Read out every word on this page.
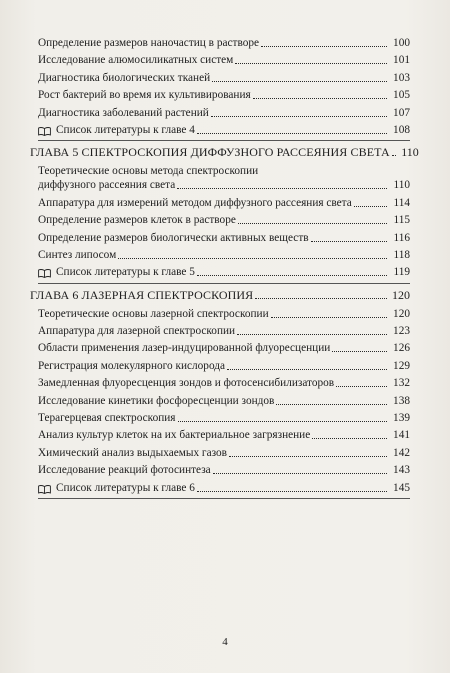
Определение размеров наночастиц в растворе	100
Исследование алюмосиликатных систем	101
Диагностика биологических тканей	103
Рост бактерий во время их культивирования	105
Диагностика заболеваний растений	107
Список литературы к главе 4	108
ГЛАВА 5 СПЕКТРОСКОПИЯ ДИФФУЗНОГО РАССЕЯНИЯ СВЕТА 110
Теоретические основы метода спектроскопии
диффузного рассеяния света	110
Аппаратура для измерений методом диффузного рассеяния света	114
Определение размеров клеток в растворе	115
Определение размеров биологически активных веществ	116
Синтез липосом	118
Список литературы к главе 5	119
ГЛАВА 6 ЛАЗЕРНАЯ СПЕКТРОСКОПИЯ	120
Теоретические основы лазерной спектроскопии	120
Аппаратура для лазерной спектроскопии	123
Области применения лазер-индуцированной флуоресценции	126
Регистрация молекулярного кислорода	129
Замедленная флуоресценция зондов и фотосенсибилизаторов	132
Исследование кинетики фосфоресценции зондов	138
Терагерцевая спектроскопия	139
Анализ культур клеток на их бактериальное загрязнение	141
Химический анализ выдыхаемых газов	142
Исследование реакций фотосинтеза	143
Список литературы к главе 6	145
4
